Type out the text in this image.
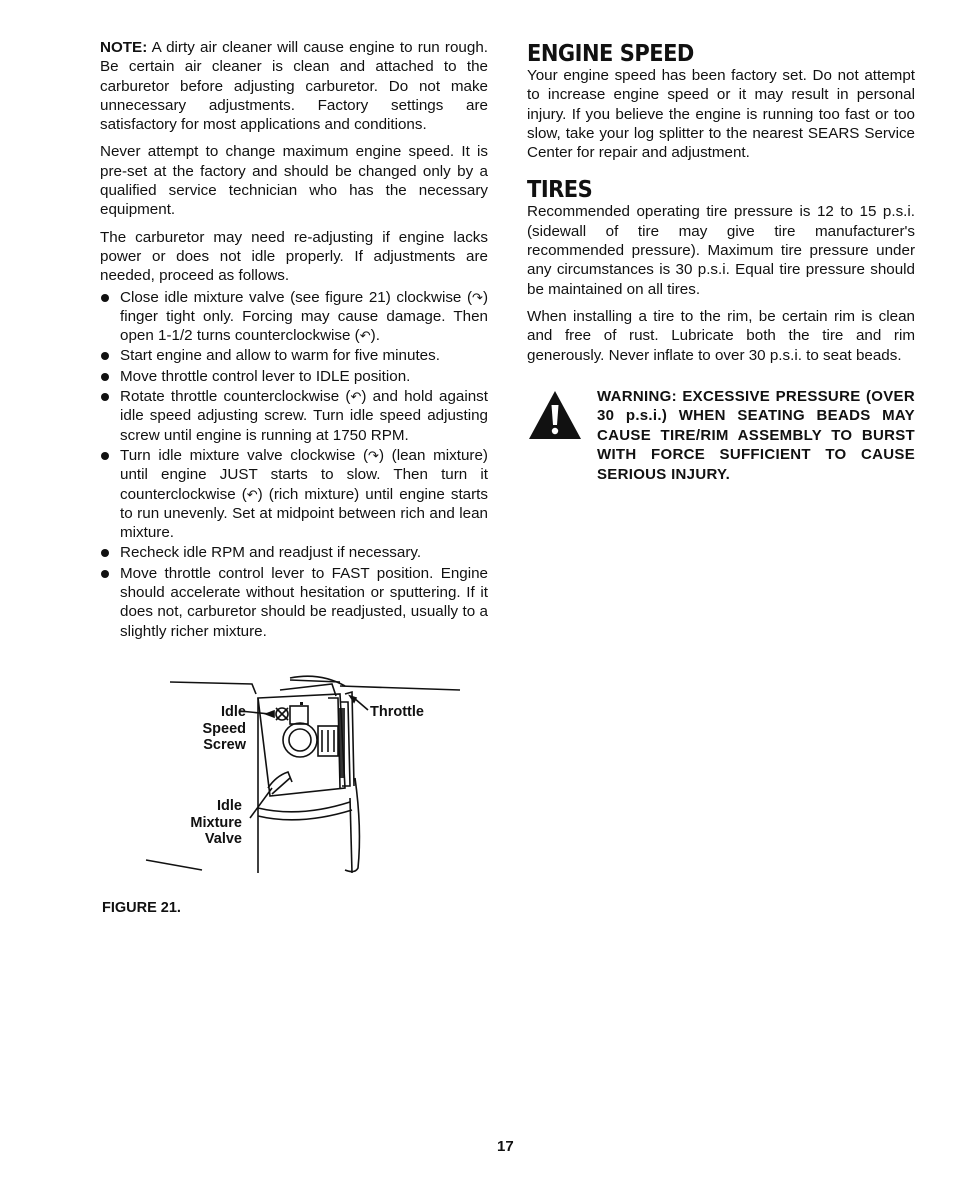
NOTE: A dirty air cleaner will cause engine to run rough. Be certain air cleaner is clean and attached to the carburetor before adjusting carburetor. Do not make unnecessary adjustments. Factory settings are satisfactory for most applications and conditions.

Never attempt to change maximum engine speed. It is pre-set at the factory and should be changed only by a qualified service technician who has the necessary equipment.

The carburetor may need re-adjusting if engine lacks power or does not idle properly. If adjustments are needed, proceed as follows.

Close idle mixture valve (see figure 21) clockwise (↷) finger tight only. Forcing may cause damage. Then open 1-1/2 turns counterclockwise (↶).
Start engine and allow to warm for five minutes.
Move throttle control lever to IDLE position.
Rotate throttle counterclockwise (↶) and hold against idle speed adjusting screw. Turn idle speed adjusting screw until engine is running at 1750 RPM.
Turn idle mixture valve clockwise (↷) (lean mixture) until engine JUST starts to slow. Then turn it counterclockwise (↶) (rich mixture) until engine starts to run unevenly. Set at midpoint between rich and lean mixture.
Recheck idle RPM and readjust if necessary.
Move throttle control lever to FAST position. Engine should accelerate without hesitation or sputtering. If it does not, carburetor should be readjusted, usually to a slightly richer mixture.
Idle
Speed
Screw
Throttle
Idle
Mixture
Valve
FIGURE 21.
ENGINE SPEED

Your engine speed has been factory set. Do not attempt to increase engine speed or it may result in personal injury. If you believe the engine is running too fast or too slow, take your log splitter to the nearest SEARS Service Center for repair and adjustment.

TIRES

Recommended operating tire pressure is 12 to 15 p.s.i. (sidewall of tire may give tire manufacturer's recommended pressure). Maximum tire pressure under any circumstances is 30 p.s.i. Equal tire pressure should be maintained on all tires.

When installing a tire to the rim, be certain rim is clean and free of rust. Lubricate both the tire and rim generously. Never inflate to over 30 p.s.i. to seat beads.

WARNING: EXCESSIVE PRESSURE (OVER 30 p.s.i.) WHEN SEATING BEADS MAY CAUSE TIRE/RIM ASSEMBLY TO BURST WITH FORCE SUFFICIENT TO CAUSE SERIOUS INJURY.
17
